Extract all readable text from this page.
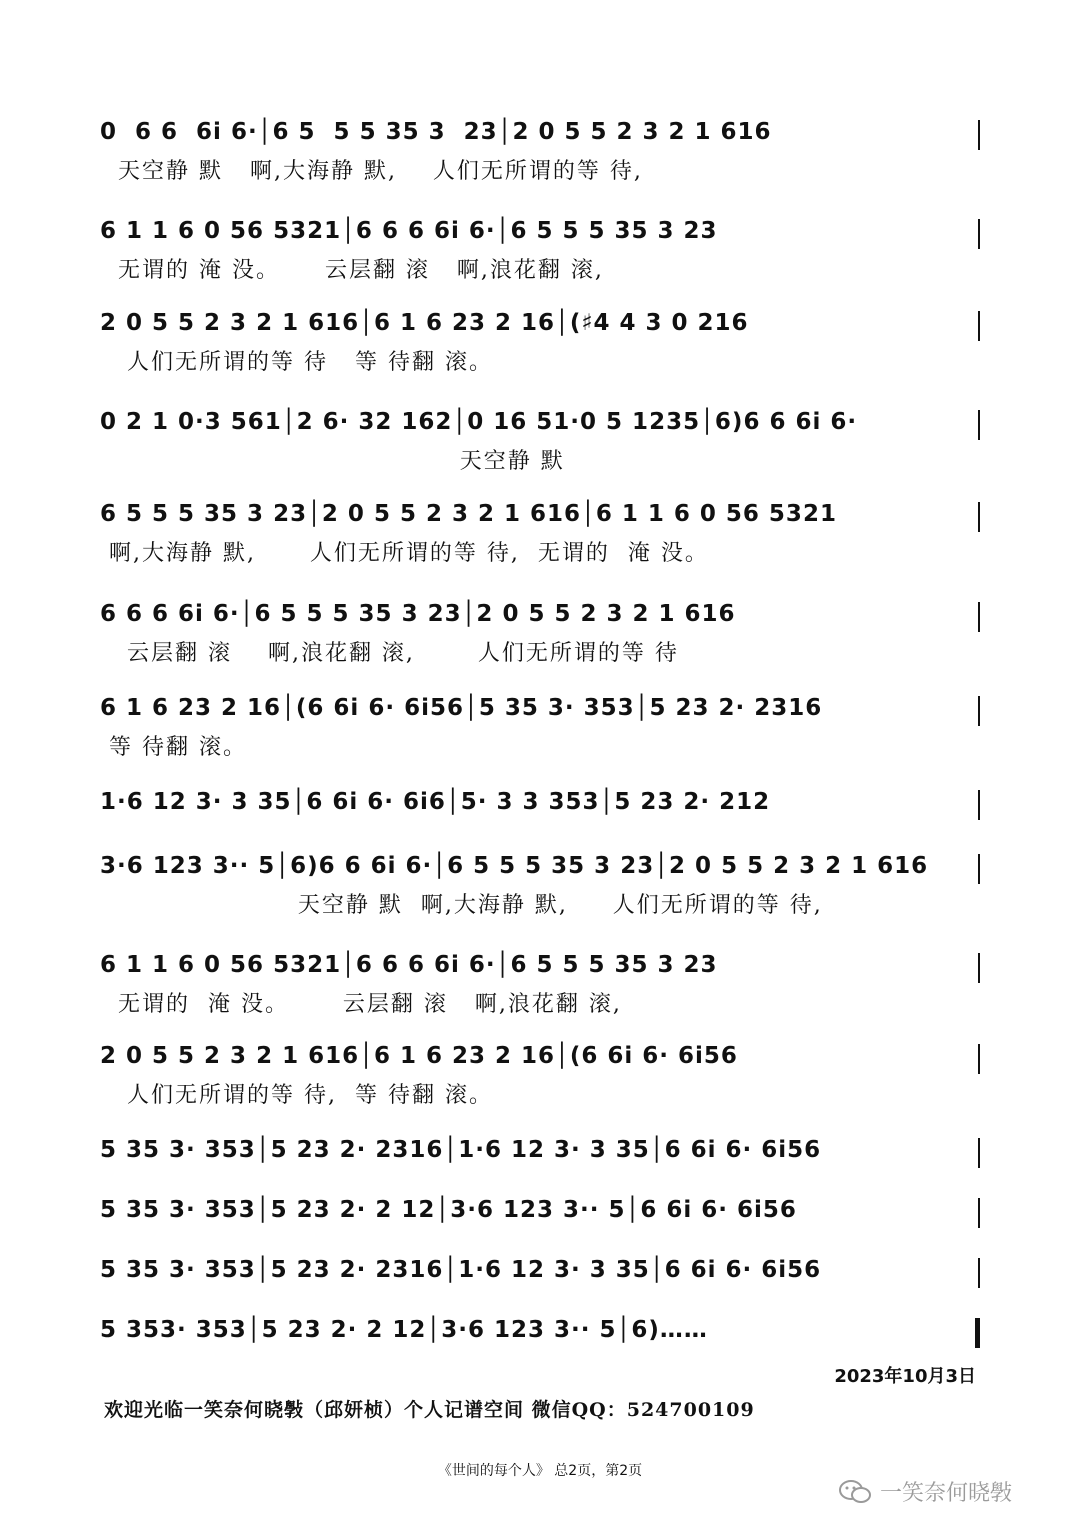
0  6 6  6i 6·│6 5  5 5 35 3  23│2 0 5 5 2 3 2 1 616
天空静 默   啊,大海静 默,    人们无所谓的等 待,
6 1 1 6 0 56 5321│6 6 6 6i 6·│6 5 5 5 35 3 23
无谓的 淹 没。     云层翻 滚   啊,浪花翻 滚,
2 0 5 5 2 3 2 1 616│6 1 6 23 2 16│(♯4 4 3 0 216
人们无所谓的等 待   等 待翻 滚。
0 2 1 0·3 561│2 6· 32 162│0 16 51·0 5 1235│6)6 6 6i 6·
天空静 默
6 5 5 5 35 3 23│2 0 5 5 2 3 2 1 616│6 1 1 6 0 56 5321
啊,大海静 默,      人们无所谓的等 待,  无谓的  淹 没。
6 6 6 6i 6·│6 5 5 5 35 3 23│2 0 5 5 2 3 2 1 616
云层翻 滚    啊,浪花翻 滚,       人们无所谓的等 待
6 1 6 23 2 16│(6 6i 6· 6i56│5 35 3· 353│5 23 2· 2316
等 待翻 滚。
1·6 12 3· 3 35│6 6i 6· 6i6│5· 3 3 353│5 23 2· 212
3·6 123 3·· 5│6)6 6 6i 6·│6 5 5 5 35 3 23│2 0 5 5 2 3 2 1 616
天空静 默  啊,大海静 默,     人们无所谓的等 待,
6 1 1 6 0 56 5321│6 6 6 6i 6·│6 5 5 5 35 3 23
无谓的  淹 没。      云层翻 滚   啊,浪花翻 滚,
2 0 5 5 2 3 2 1 616│6 1 6 23 2 16│(6 6i 6· 6i56
人们无所谓的等 待,  等 待翻 滚。
5 35 3· 353│5 23 2· 2316│1·6 12 3· 3 35│6 6i 6· 6i56
5 35 3· 353│5 23 2· 2 12│3·6 123 3·· 5│6 6i 6· 6i56
5 35 3· 353│5 23 2· 2316│1·6 12 3· 3 35│6 6i 6· 6i56
5 353· 353│5 23 2· 2 12│3·6 123 3·· 5│6)……
2023年10月3日
欢迎光临一笑奈何晓斅（邱妍桢）个人记谱空间 微信QQ：524700109
《世间的每个人》 总2页，第2页
一笑奈何晓斅
